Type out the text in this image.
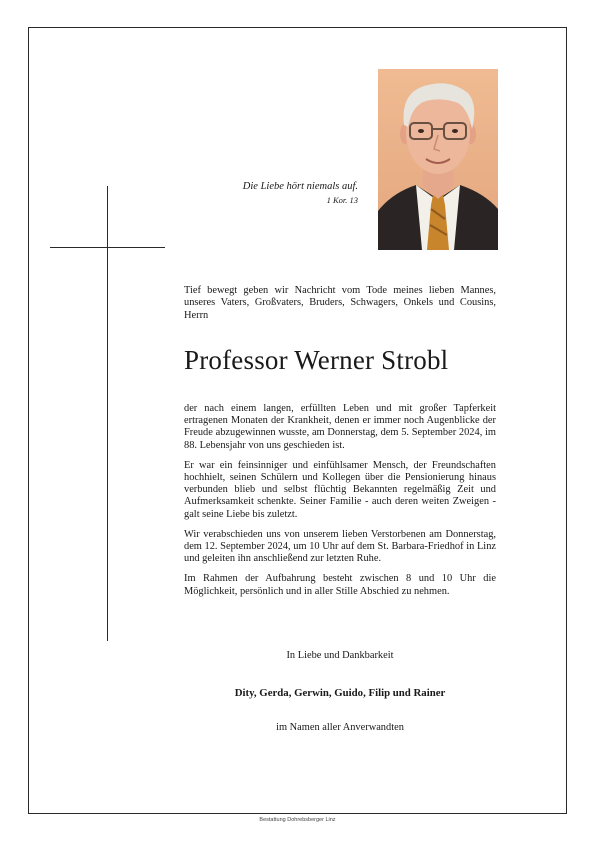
Die Liebe hört niemals auf.
1 Kor. 13
Tief bewegt geben wir Nachricht vom Tode meines lieben Mannes, unseres Vaters, Großvaters, Bruders, Schwagers, Onkels und Cousins, Herrn
Professor Werner Strobl

der nach einem langen, erfüllten Leben und mit großer Tapferkeit ertragenen Monaten der Krankheit, denen er immer noch Augenblicke der Freude abzugewinnen wusste, am Donnerstag, dem 5. September 2024, im 88. Lebensjahr von uns geschieden ist.

Er war ein feinsinniger und einfühlsamer Mensch, der Freundschaften hochhielt, seinen Schülern und Kollegen über die Pensionierung hinaus verbunden blieb und selbst flüchtig Bekannten regelmäßig Zeit und Aufmerksamkeit schenkte. Seiner Familie - auch deren weiten Zweigen - galt seine Liebe bis zuletzt.

Wir verabschieden uns von unserem lieben Verstorbenen am Donnerstag, dem 12. September 2024, um 10 Uhr auf dem St. Barbara-Friedhof in Linz und geleiten ihn anschließend zur letzten Ruhe.

Im Rahmen der Aufbahrung besteht zwischen 8 und 10 Uhr die Möglichkeit, persönlich und in aller Stille Abschied zu nehmen.

In Liebe und Dankbarkeit
Dity, Gerda, Gerwin, Guido, Filip und Rainer
im Namen aller Anverwandten
Bestattung Dohrebsberger Linz
